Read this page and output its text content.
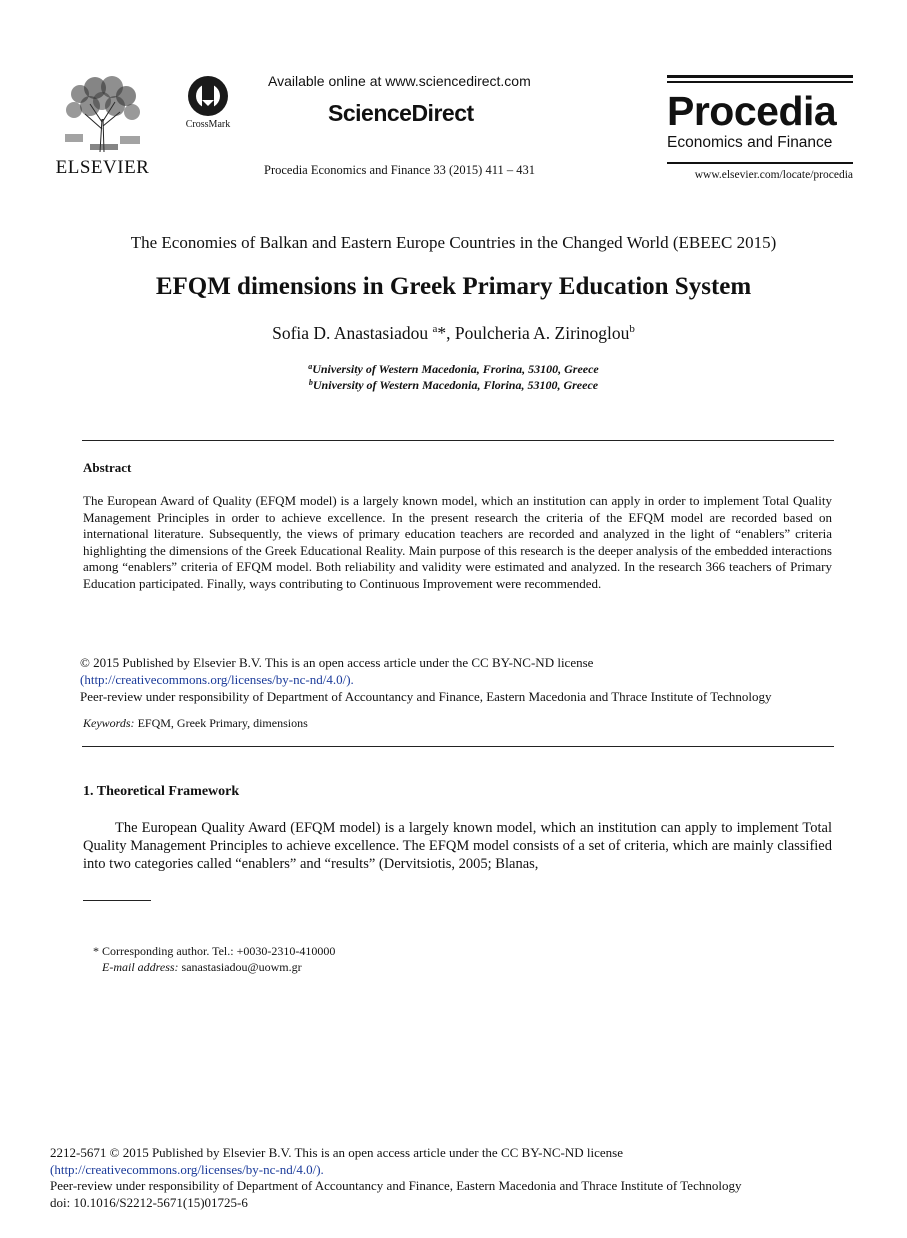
ELSEVIER
CrossMark
Available online at www.sciencedirect.com
ScienceDirect
Procedia Economics and Finance 33 (2015) 411 – 431
Procedia
Economics and Finance
www.elsevier.com/locate/procedia
The Economies of Balkan and Eastern Europe Countries in the Changed World (EBEEC 2015)
EFQM dimensions in Greek Primary Education System
Sofia D. Anastasiadou $^a$*, Poulcheria A. Zirinoglou$^b$
$^a$University of Western Macedonia, Frorina, 53100, Greece
$^b$University of Western Macedonia, Florina, 53100, Greece
Abstract
The European Award of Quality (EFQM model) is a largely known model, which an institution can apply in order to implement Total Quality Management Principles in order to achieve excellence. In the present research the criteria of the EFQM model are recorded based on international literature. Subsequently, the views of primary education teachers are recorded and analyzed in the light of “enablers” criteria highlighting the dimensions of the Greek Educational Reality. Main purpose of this research is the deeper analysis of the embedded interactions among “enablers” criteria of EFQM model. Both reliability and validity were estimated and analyzed. In the research 366 teachers of Primary Education participated. Finally, ways contributing to Continuous Improvement were recommended.
© 2015 Published by Elsevier B.V. This is an open access article under the CC BY-NC-ND license
(http://creativecommons.org/licenses/by-nc-nd/4.0/).
Peer-review under responsibility of Department of Accountancy and Finance, Eastern Macedonia and Thrace Institute of Technology
Keywords: EFQM, Greek Primary, dimensions
1. Theoretical Framework
The European Quality Award (EFQM model) is a largely known model, which an institution can apply to implement Total Quality Management Principles to achieve excellence. The EFQM model consists of a set of criteria, which are mainly classified into two categories called “enablers” and “results” (Dervitsiotis, 2005; Blanas,
* Corresponding author. Tel.: +0030-2310-410000
E-mail address: sanastasiadou@uowm.gr
2212-5671 © 2015 Published by Elsevier B.V. This is an open access article under the CC BY-NC-ND license
(http://creativecommons.org/licenses/by-nc-nd/4.0/).
Peer-review under responsibility of Department of Accountancy and Finance, Eastern Macedonia and Thrace Institute of Technology
doi: 10.1016/S2212-5671(15)01725-6
